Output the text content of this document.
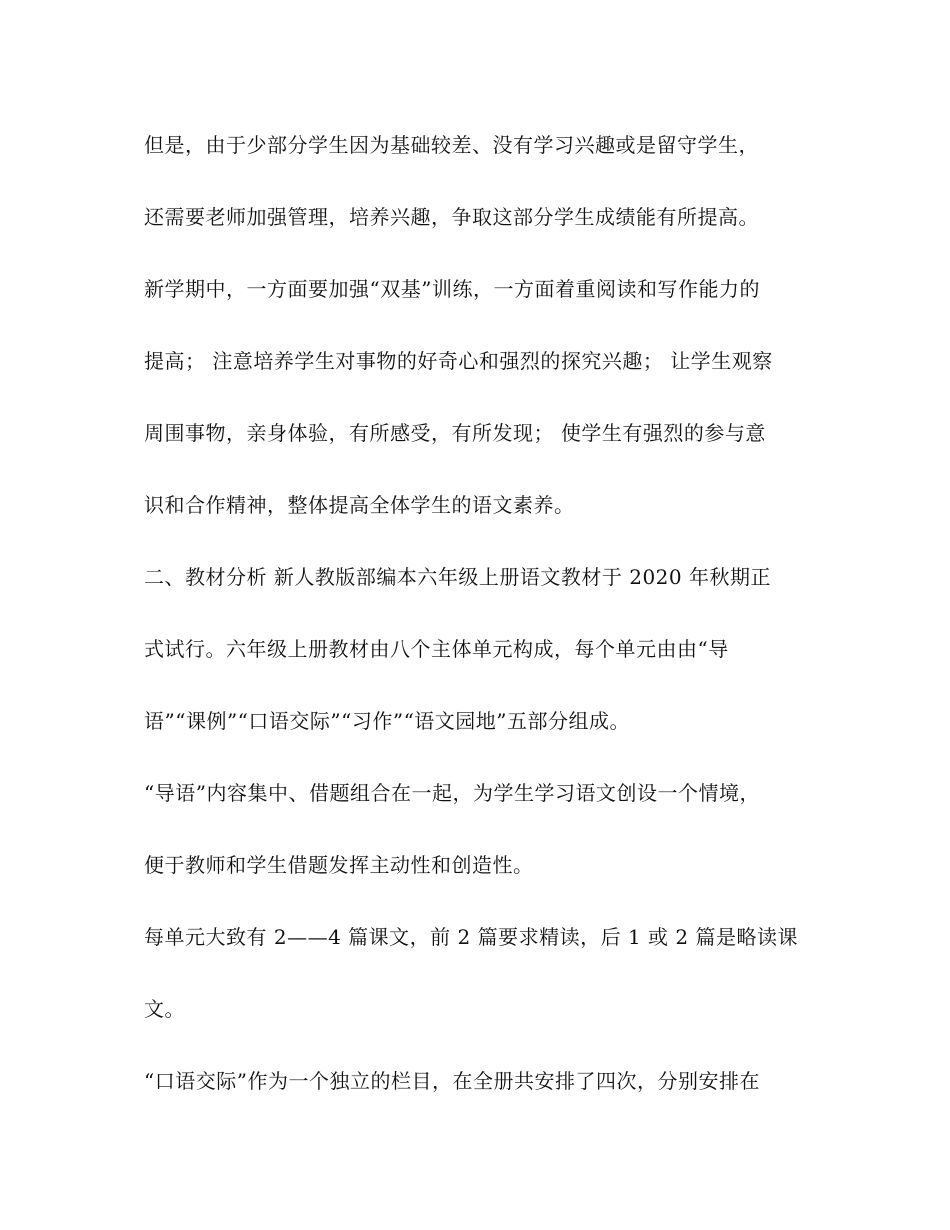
但是，由于少部分学生因为基础较差、没有学习兴趣或是留守学生，
还需要老师加强管理，培养兴趣，争取这部分学生成绩能有所提高。
新学期中，一方面要加强“双基”训练，一方面着重阅读和写作能力的
提高； 注意培养学生对事物的好奇心和强烈的探究兴趣； 让学生观察
周围事物，亲身体验，有所感受，有所发现； 使学生有强烈的参与意
识和合作精神，整体提高全体学生的语文素养。
二、教材分析 新人教版部编本六年级上册语文教材于 2020 年秋期正
式试行。六年级上册教材由八个主体单元构成，每个单元由由“导
语”“课例”“口语交际”“习作”“语文园地”五部分组成。
“导语”内容集中、借题组合在一起，为学生学习语文创设一个情境，
便于教师和学生借题发挥主动性和创造性。
每单元大致有 2——4 篇课文，前 2 篇要求精读，后 1 或 2 篇是略读课
文。
“口语交际”作为一个独立的栏目，在全册共安排了四次，分别安排在
